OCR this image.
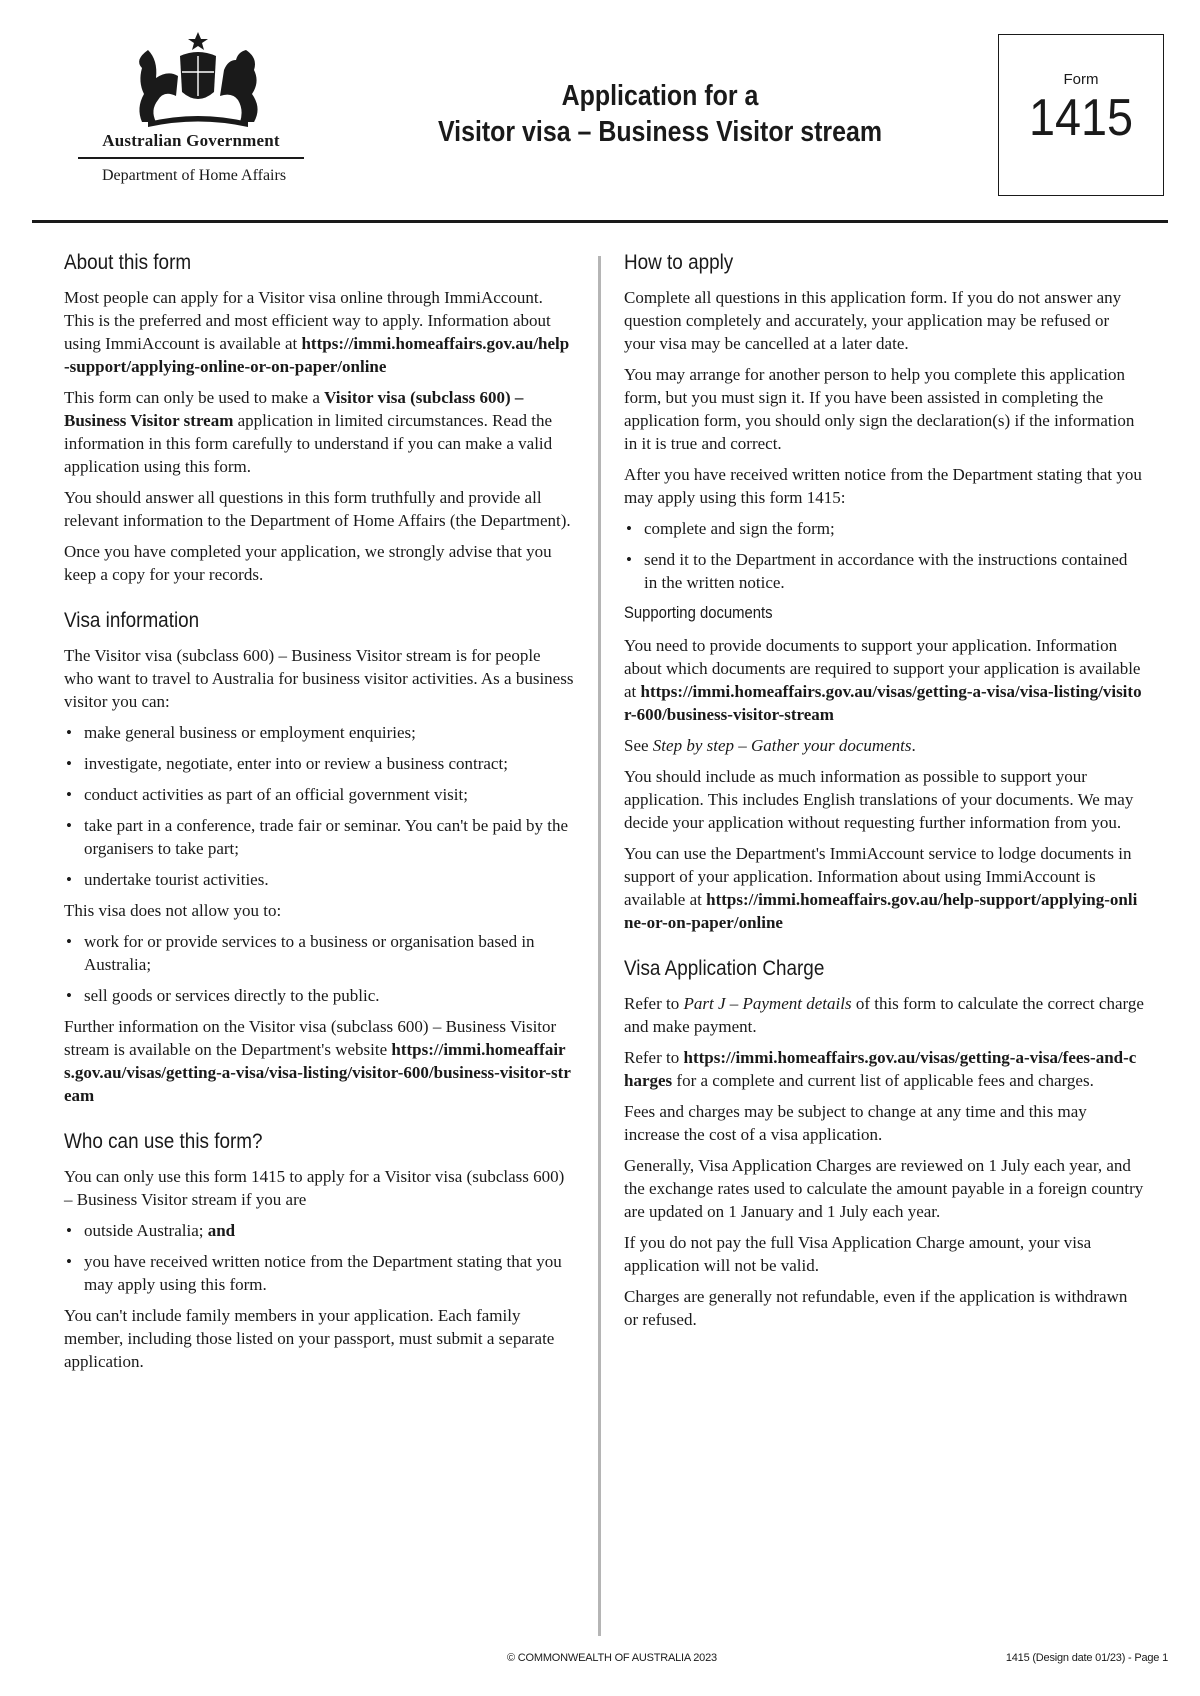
Australian Government
Department of Home Affairs
Application for a
Visitor visa – Business Visitor stream
Form
1415
About this form

Most people can apply for a Visitor visa online through ImmiAccount. This is the preferred and most efficient way to apply. Information about using ImmiAccount is available at https://immi.homeaffairs.gov.au/help-support/applying-online-or-on-paper/online

This form can only be used to make a Visitor visa (subclass 600) – Business Visitor stream application in limited circumstances. Read the information in this form carefully to understand if you can make a valid application using this form.

You should answer all questions in this form truthfully and provide all relevant information to the Department of Home Affairs (the Department).

Once you have completed your application, we strongly advise that you keep a copy for your records.

Visa information

The Visitor visa (subclass 600) – Business Visitor stream is for people who want to travel to Australia for business visitor activities. As a business visitor you can:

• make general business or employment enquiries;
• investigate, negotiate, enter into or review a business contract;
• conduct activities as part of an official government visit;
• take part in a conference, trade fair or seminar. You can't be paid by the organisers to take part;
• undertake tourist activities.

This visa does not allow you to:

• work for or provide services to a business or organisation based in Australia;
• sell goods or services directly to the public.

Further information on the Visitor visa (subclass 600) – Business Visitor stream is available on the Department's website https://immi.homeaffairs.gov.au/visas/getting-a-visa/visa-listing/visitor-600/business-visitor-stream

Who can use this form?

You can only use this form 1415 to apply for a Visitor visa (subclass 600) – Business Visitor stream if you are

• outside Australia; and
• you have received written notice from the Department stating that you may apply using this form.

You can't include family members in your application. Each family member, including those listed on your passport, must submit a separate application.

How to apply

Complete all questions in this application form. If you do not answer any question completely and accurately, your application may be refused or your visa may be cancelled at a later date.

You may arrange for another person to help you complete this application form, but you must sign it. If you have been assisted in completing the application form, you should only sign the declaration(s) if the information in it is true and correct.

After you have received written notice from the Department stating that you may apply using this form 1415:

• complete and sign the form;
• send it to the Department in accordance with the instructions contained in the written notice.
Supporting documents

You need to provide documents to support your application. Information about which documents are required to support your application is available at https://immi.homeaffairs.gov.au/visas/getting-a-visa/visa-listing/visitor-600/business-visitor-stream

See Step by step – Gather your documents.

You should include as much information as possible to support your application. This includes English translations of your documents. We may decide your application without requesting further information from you.

You can use the Department's ImmiAccount service to lodge documents in support of your application. Information about using ImmiAccount is available at https://immi.homeaffairs.gov.au/help-support/applying-online-or-on-paper/online

Visa Application Charge

Refer to Part J – Payment details of this form to calculate the correct charge and make payment.

Refer to https://immi.homeaffairs.gov.au/visas/getting-a-visa/fees-and-charges for a complete and current list of applicable fees and charges.

Fees and charges may be subject to change at any time and this may increase the cost of a visa application.

Generally, Visa Application Charges are reviewed on 1 July each year, and the exchange rates used to calculate the amount payable in a foreign country are updated on 1 January and 1 July each year.

If you do not pay the full Visa Application Charge amount, your visa application will not be valid.

Charges are generally not refundable, even if the application is withdrawn or refused.

© COMMONWEALTH OF AUSTRALIA 2023	1415 (Design date 01/23) - Page 1
